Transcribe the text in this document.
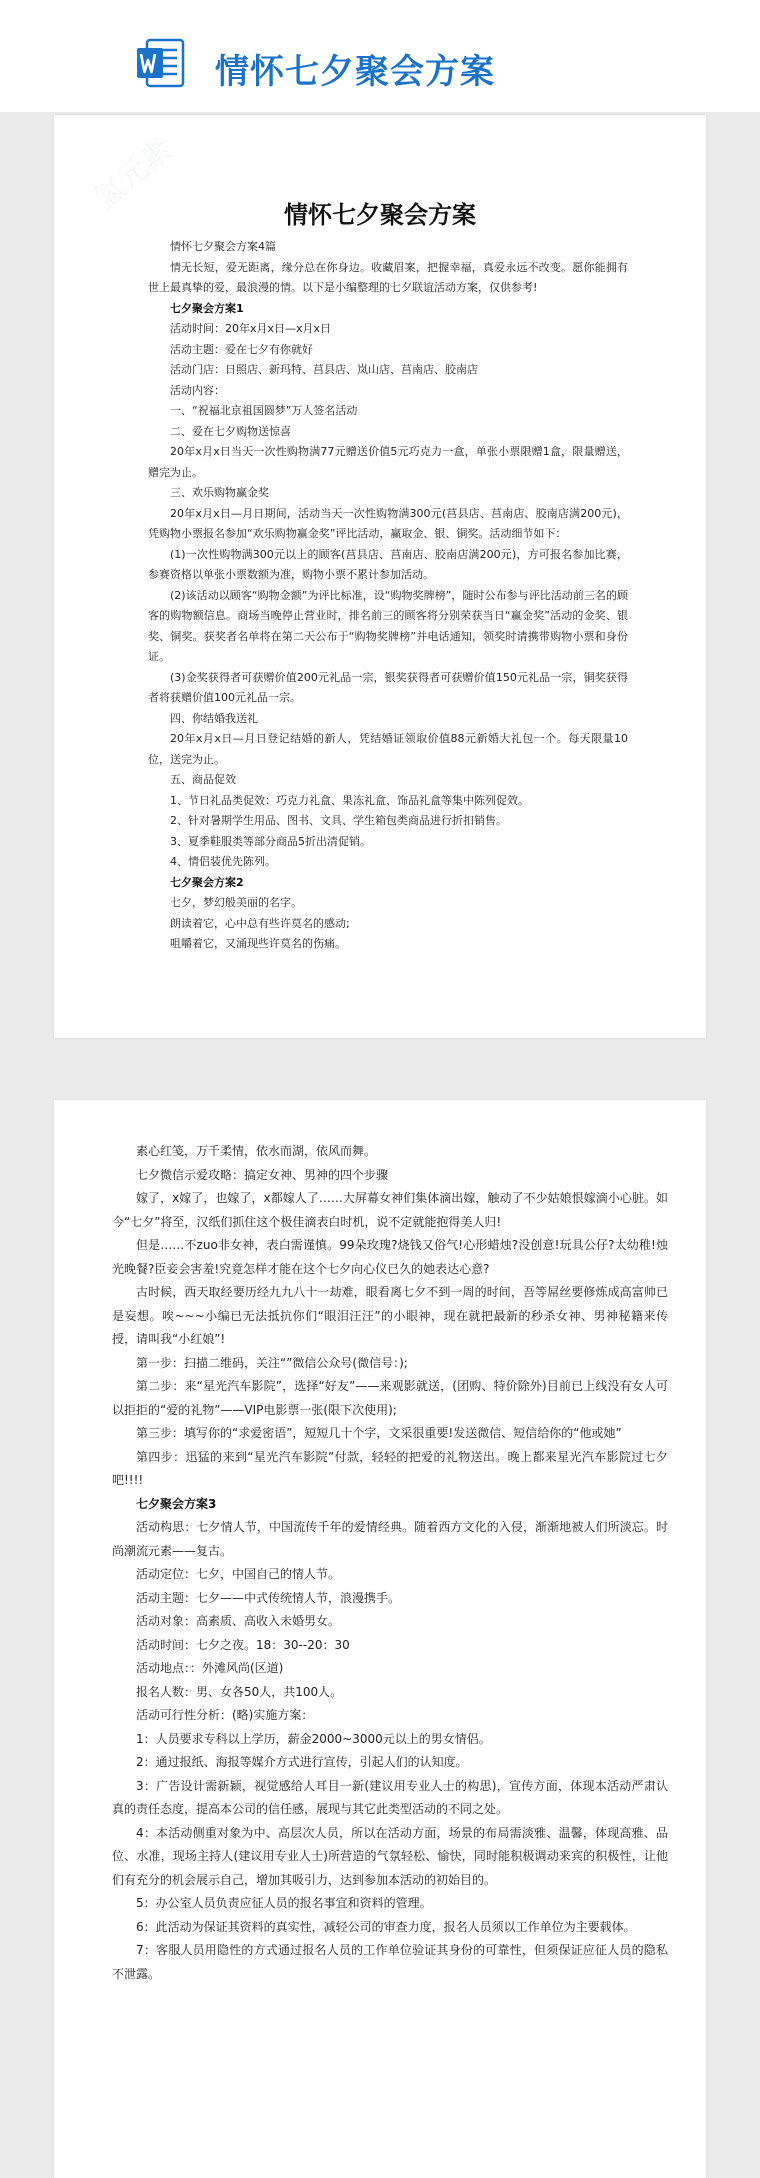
情怀七夕聚会方案
情怀七夕聚会方案

情怀七夕聚会方案4篇

情无长短，爱无距离，缘分总在你身边。收藏眉案，把握幸福，真爱永远不改变。愿你能拥有世上最真挚的爱，最浪漫的情。以下是小编整理的七夕联谊活动方案，仅供参考!

七夕聚会方案1

活动时间：20年x月x日—x月x日

活动主题：爱在七夕有你就好

活动门店：日照店、新玛特、莒县店、岚山店、莒南店、胶南店

活动内容：

一、“祝福北京祖国圆梦”万人签名活动

二、爱在七夕购物送惊喜

20年x月x日当天一次性购物满77元赠送价值5元巧克力一盒，单张小票限赠1盒，限量赠送，赠完为止。

三、欢乐购物赢金奖

20年x月x日—月日期间，活动当天一次性购物满300元(莒县店、莒南店、胶南店满200元)，凭购物小票报名参加“欢乐购物赢金奖”评比活动，赢取金、银、铜奖。活动细节如下：

(1)一次性购物满300元以上的顾客(莒县店、莒南店、胶南店满200元)，方可报名参加比赛，参赛资格以单张小票数额为准，购物小票不累计参加活动。

(2)该活动以顾客“购物金额”为评比标准，设“购物奖牌榜”，随时公布参与评比活动前三名的顾客的购物额信息。商场当晚停止营业时，排名前三的顾客将分别荣获当日“赢金奖”活动的金奖、银奖、铜奖。获奖者名单将在第二天公布于“购物奖牌榜”并电话通知，领奖时请携带购物小票和身份证。

(3)金奖获得者可获赠价值200元礼品一宗，银奖获得者可获赠价值150元礼品一宗，铜奖获得者将获赠价值100元礼品一宗。

四、你结婚我送礼

20年x月x日—月日登记结婚的新人，凭结婚证领取价值88元新婚大礼包一个。每天限量10位，送完为止。

五、商品促效

1、节日礼品类促效：巧克力礼盒、果冻礼盒、饰品礼盒等集中陈列促效。

2、针对暑期学生用品、图书、文具、学生箱包类商品进行折扣销售。

3、夏季鞋服类等部分商品5折出清促销。

4、情侣装优先陈列。

七夕聚会方案2

七夕，梦幻般美丽的名字。

朗读着它，心中总有些许莫名的感动;

咀嚼着它，又涌现些许莫名的伤痛。

素心红笺，万千柔情，依水而湖，依风而舞。

七夕微信示爱攻略：搞定女神、男神的四个步骤

嫁了，x嫁了，也嫁了，x都嫁人了……大屏幕女神们集体滴出嫁，触动了不少姑娘恨嫁滴小心脏。如今“七夕”将至，汉纸们抓住这个极佳滴表白时机，说不定就能抱得美人归!

但是……不zuo非女神，表白需谨慎。99朵玫瑰?烧钱又俗气!心形蜡烛?没创意!玩具公仔?太幼稚!烛光晚餐?臣妾会害羞!究竟怎样才能在这个七夕向心仪已久的她表达心意?

古时候，西天取经要历经九九八十一劫难，眼看离七夕不到一周的时间，吾等屌丝要修炼成高富帅已是妄想。唉~~~小编已无法抵抗你们“眼泪汪汪”的小眼神，现在就把最新的秒杀女神、男神秘籍来传授，请叫我“小红娘”!

第一步：扫描二维码，关注“”微信公众号(微信号：);

第二步：来“星光汽车影院”，选择“好友”——来观影就送，(团购、特价除外)目前已上线没有女人可以拒拒的“爱的礼物”——VIP电影票一张(限下次使用);

第三步：填写你的“求爱密语”，短短几十个字，文采很重要!发送微信、短信给你的“他或她”

第四步：迅猛的来到“星光汽车影院”付款，轻轻的把爱的礼物送出。晚上都来星光汽车影院过七夕吧!!!!

七夕聚会方案3

活动构思：七夕情人节，中国流传千年的爱情经典。随着西方文化的入侵，渐渐地被人们所淡忘。时尚潮流元素——复古。

活动定位：七夕，中国自己的情人节。

活动主题：七夕——中式传统情人节，浪漫携手。

活动对象：高素质、高收入未婚男女。

活动时间：七夕之夜。18：30--20：30

活动地点：：外滩风尚(区道)

报名人数：男、女各50人，共100人。

活动可行性分析：(略)实施方案：

1：人员要求专科以上学历，薪金2000~3000元以上的男女情侣。

2：通过报纸、海报等媒介方式进行宣传，引起人们的认知度。

3：广告设计需新颖，视觉感给人耳目一新(建议用专业人士的构思)，宣传方面，体现本活动严肃认真的责任态度，提高本公司的信任感，展现与其它此类型活动的不同之处。

4：本活动侧重对象为中、高层次人员，所以在活动方面，场景的布局需淡雅、温馨，体现高雅、品位、水准，现场主持人(建议用专业人士)所营造的气氛轻松、愉快，同时能积极调动来宾的积极性，让他们有充分的机会展示自己，增加其吸引力，达到参加本活动的初始目的。

5：办公室人员负责应征人员的报名事宜和资料的管理。

6：此活动为保证其资料的真实性，减轻公司的审查力度，报名人员须以工作单位为主要载体。

7：客服人员用隐性的方式通过报名人员的工作单位验证其身份的可靠性，但须保证应征人员的隐私不泄露。
